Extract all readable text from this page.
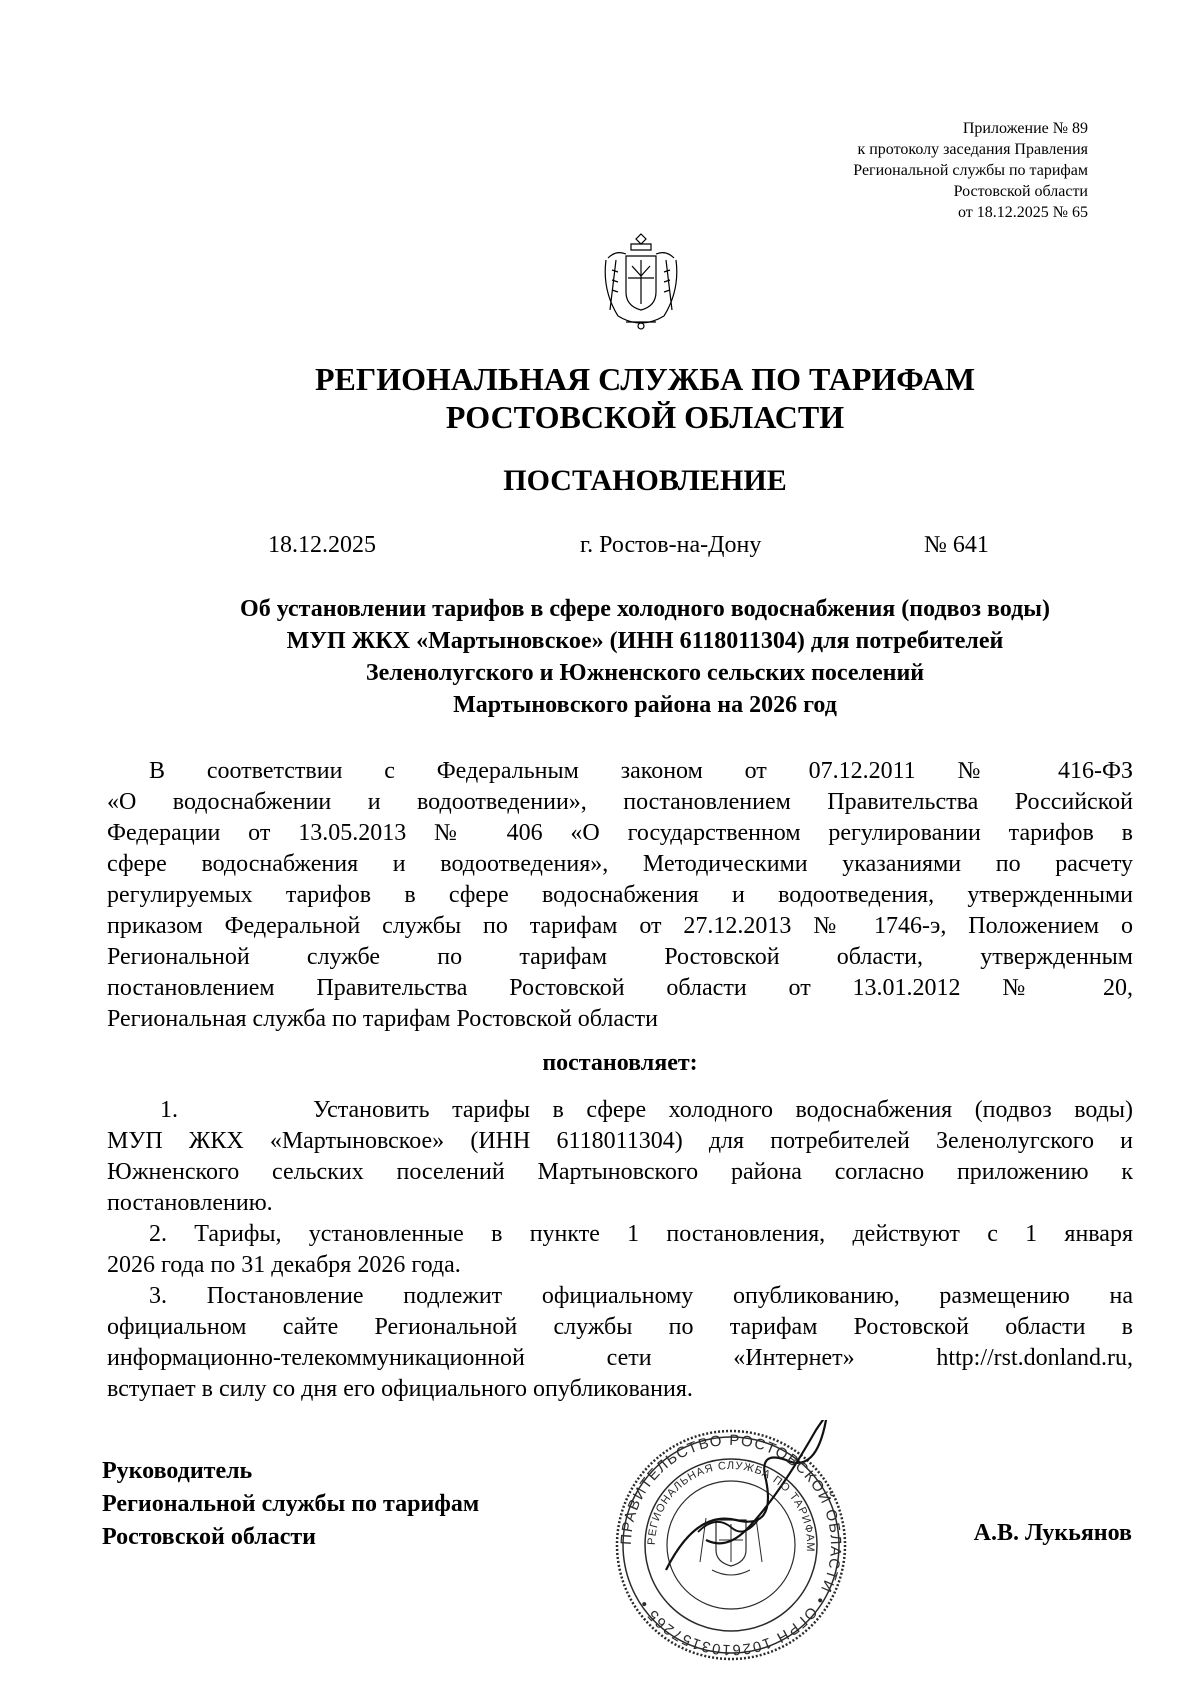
Приложение № 89
к протоколу заседания Правления
Региональной службы по тарифам
Ростовской области
от 18.12.2025 № 65
РЕГИОНАЛЬНАЯ СЛУЖБА ПО ТАРИФАМ
РОСТОВСКОЙ ОБЛАСТИ
ПОСТАНОВЛЕНИЕ
18.12.2025	г. Ростов-на-Дону	№ 641
Об установлении тарифов в сфере холодного водоснабжения (подвоз воды)
МУП ЖКХ «Мартыновское» (ИНН 6118011304) для потребителей
Зеленолугского и Южненского сельских поселений
Мартыновского района на 2026 год
В соответствии с Федеральным законом от 07.12.2011 № 416-ФЗ
«О водоснабжении и водоотведении», постановлением Правительства Российской
Федерации от 13.05.2013 № 406 «О государственном регулировании тарифов в
сфере водоснабжения и водоотведения», Методическими указаниями по расчету
регулируемых тарифов в сфере водоснабжения и водоотведения, утвержденными
приказом Федеральной службы по тарифам от 27.12.2013 № 1746-э, Положением о
Региональной службе по тарифам Ростовской области, утвержденным
постановлением Правительства Ростовской области от 13.01.2012 № 20,
Региональная служба по тарифам Ростовской области
постановляет:
1.      Установить тарифы в сфере холодного водоснабжения (подвоз воды)
МУП ЖКХ «Мартыновское» (ИНН 6118011304) для потребителей Зеленолугского и
Южненского сельских поселений Мартыновского района согласно приложению к
постановлению.
2. Тарифы, установленные в пункте 1 постановления, действуют с 1 января
2026 года по 31 декабря 2026 года.
3. Постановление подлежит официальному опубликованию, размещению на
официальном сайте Региональной службы по тарифам Ростовской области в
информационно-телекоммуникационной сети «Интернет» http://rst.donland.ru,
вступает в силу со дня его официального опубликования.
ПРАВИТЕЛЬСТВО РОСТОВСКОЙ ОБЛАСТИ • ОГРН 1026103157265 •
РЕГИОНАЛЬНАЯ СЛУЖБА ПО ТАРИФАМ
Руководитель
Региональной службы по тарифам
Ростовской области	А.В. Лукьянов
